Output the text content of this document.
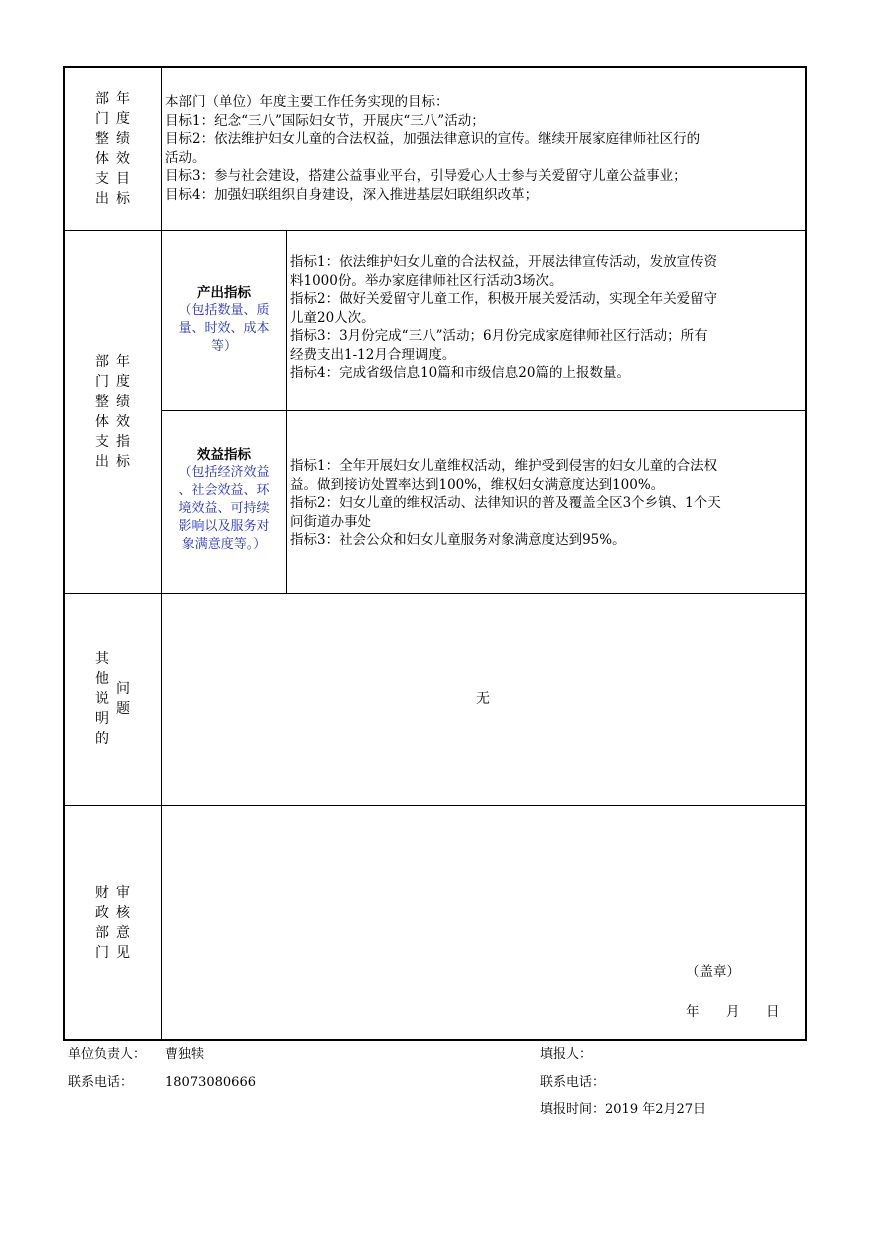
部
门
整
体
支
出
年
度
绩
效
目
标
本部门（单位）年度主要工作任务实现的目标：
目标1：纪念“三八”国际妇女节，开展庆“三八”活动；
目标2：依法维护妇女儿童的合法权益，加强法律意识的宣传。继续开展家庭律师社区行的
活动。
目标3：参与社会建设，搭建公益事业平台，引导爱心人士参与关爱留守儿童公益事业；
目标4：加强妇联组织自身建设，深入推进基层妇联组织改革；
部
门
整
体
支
出
年
度
绩
效
指
标
产出指标
（包括数量、质
量、时效、成本
等）
指标1：依法维护妇女儿童的合法权益，开展法律宣传活动，发放宣传资
料1000份。举办家庭律师社区行活动3场次。
指标2：做好关爱留守儿童工作，积极开展关爱活动，实现全年关爱留守
儿童20人次。
指标3：3月份完成“三八”活动；6月份完成家庭律师社区行活动；所有
经费支出1-12月合理调度。
指标4：完成省级信息10篇和市级信息20篇的上报数量。
效益指标
（包括经济效益
、社会效益、环
境效益、可持续
影响以及服务对
象满意度等。）
指标1：全年开展妇女儿童维权活动，维护受到侵害的妇女儿童的合法权
益。做到接访处置率达到100%，维权妇女满意度达到100%。
指标2：妇女儿童的维权活动、法律知识的普及覆盖全区3个乡镇、1个天
问街道办事处
指标3：社会公众和妇女儿童服务对象满意度达到95%。
其
他
说
明
的
问
题
无
财
政
部
门
审
核
意
见
（盖章）
年 月 日
单位负责人： 曹独犊
联系电话： 18073080666
填报人：
联系电话：
填报时间：2019 年2月27日
